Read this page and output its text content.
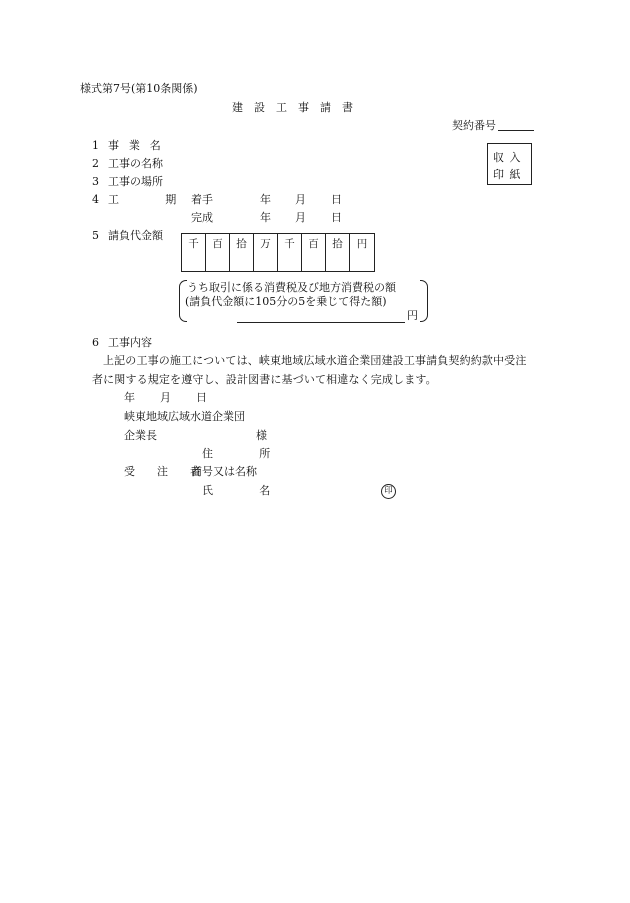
様式第7号(第10条関係)
建　設　工　事　請　書
契約番号
収入
印紙
1 事業名
2 工事の名称
3 工事の場所
4 工　期
着手	年 月 日
完成	年 月 日
5 請負代金額
千	百	拾	万	千	百	拾	円
うち取引に係る消費税及び地方消費税の額
(請負代金額に105分の5を乗じて得た額)
円
6 工事内容
上記の工事の施工については、峡東地域広域水道企業団建設工事請負契約約款中受注
者に関する規定を遵守し、設計図書に基づいて相違なく完成します。
年 月 日
峡東地域広域水道企業団
企業長	様
住　所
受　注　者
商号又は名称
氏　名	印
